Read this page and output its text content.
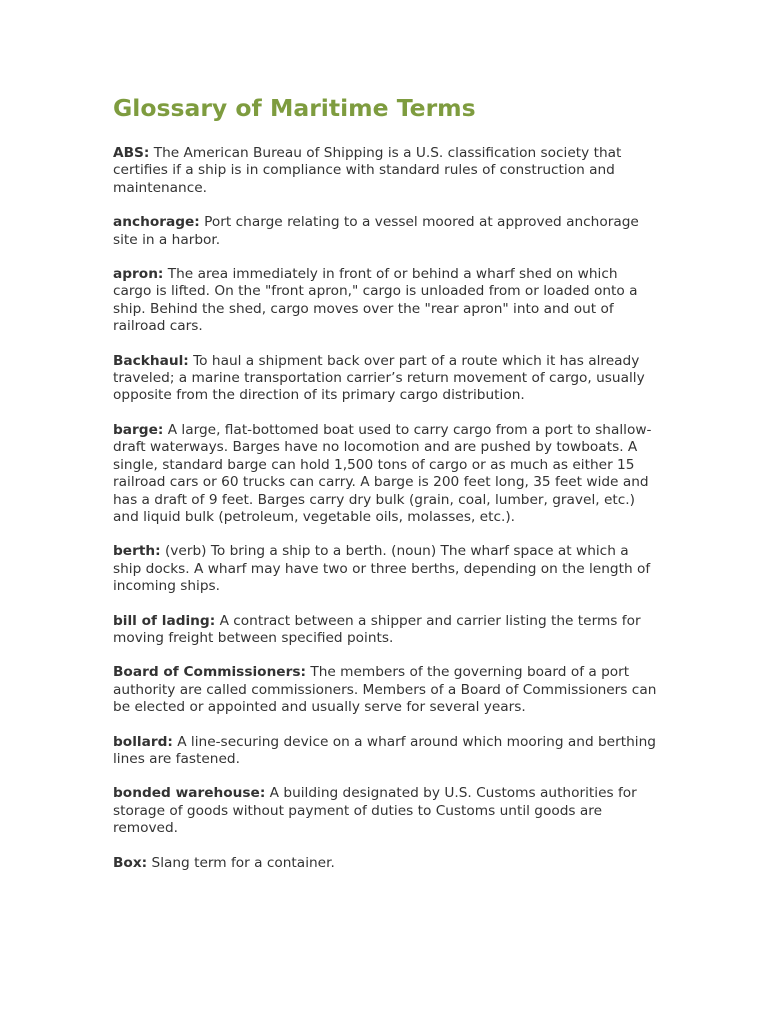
Glossary of Maritime Terms

ABS: The American Bureau of Shipping is a U.S. classification society that certifies if a ship is in compliance with standard rules of construction and maintenance.

anchorage: Port charge relating to a vessel moored at approved anchorage site in a harbor.

apron: The area immediately in front of or behind a wharf shed on which cargo is lifted. On the "front apron," cargo is unloaded from or loaded onto a ship. Behind the shed, cargo moves over the "rear apron" into and out of railroad cars.

Backhaul: To haul a shipment back over part of a route which it has already traveled; a marine transportation carrier’s return movement of cargo, usually opposite from the direction of its primary cargo distribution.

barge: A large, flat-bottomed boat used to carry cargo from a port to shallow-draft waterways. Barges have no locomotion and are pushed by towboats. A single, standard barge can hold 1,500 tons of cargo or as much as either 15 railroad cars or 60 trucks can carry. A barge is 200 feet long, 35 feet wide and has a draft of 9 feet. Barges carry dry bulk (grain, coal, lumber, gravel, etc.) and liquid bulk (petroleum, vegetable oils, molasses, etc.).

berth: (verb) To bring a ship to a berth. (noun) The wharf space at which a ship docks. A wharf may have two or three berths, depending on the length of incoming ships.

bill of lading: A contract between a shipper and carrier listing the terms for moving freight between specified points.

Board of Commissioners: The members of the governing board of a port authority are called commissioners. Members of a Board of Commissioners can be elected or appointed and usually serve for several years.

bollard: A line-securing device on a wharf around which mooring and berthing lines are fastened.

bonded warehouse: A building designated by U.S. Customs authorities for storage of goods without payment of duties to Customs until goods are removed.

Box: Slang term for a container.
